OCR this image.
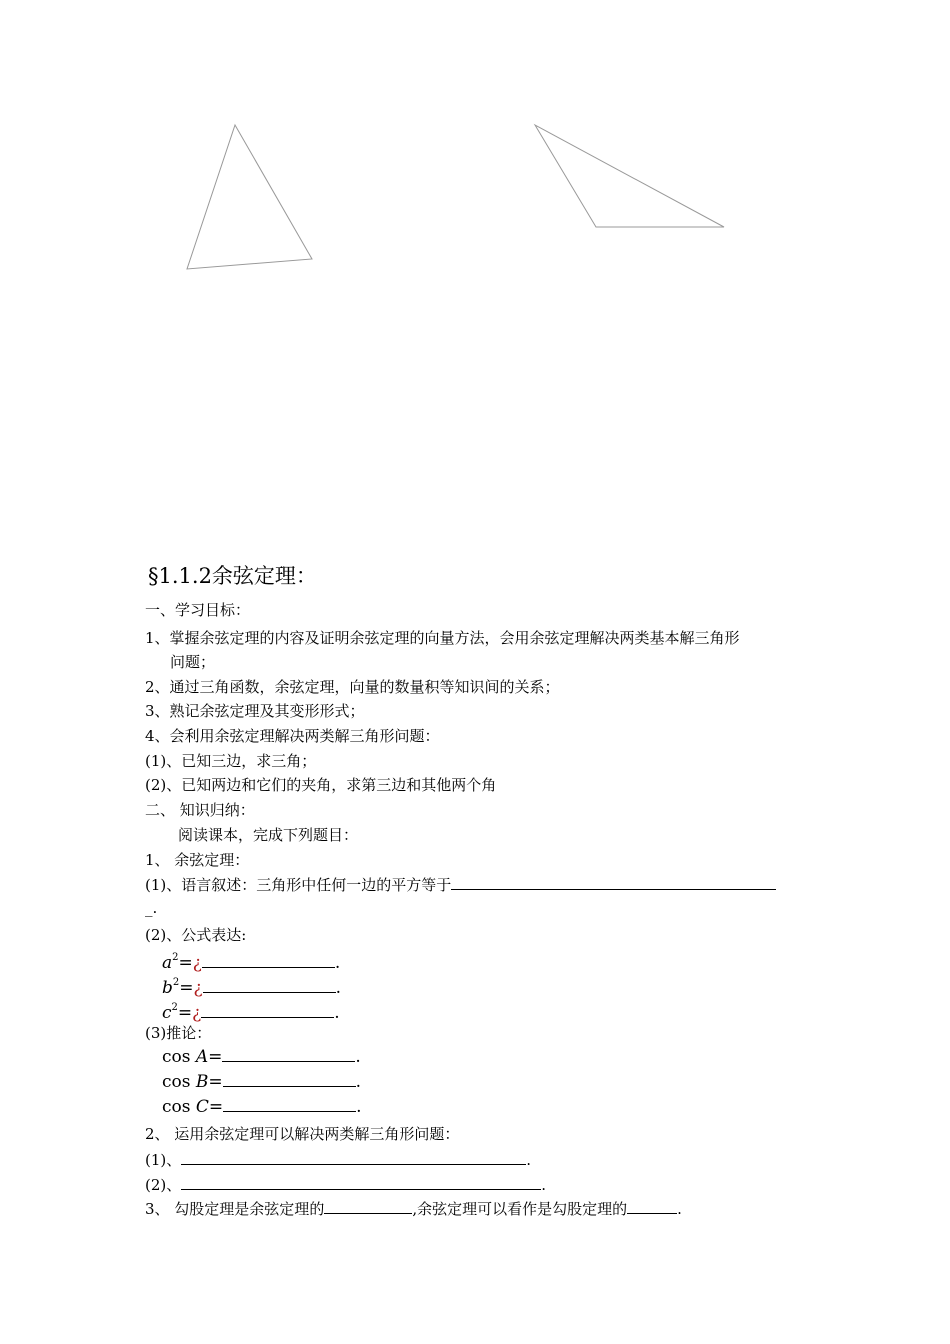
§1.1.2余弦定理：
一、学习目标：
1、掌握余弦定理的内容及证明余弦定理的向量方法，会用余弦定理解决两类基本解三角形
问题；
2、通过三角函数，余弦定理，向量的数量积等知识间的关系；
3、熟记余弦定理及其变形形式；
4、会利用余弦定理解决两类解三角形问题：
(1)、已知三边，求三角；
(2)、已知两边和它们的夹角，求第三边和其他两个角
二、 知识归纳：
阅读课本，完成下列题目：
1、 余弦定理：
(1)、语言叙述：三角形中任何一边的平方等于
_.
(2)、公式表达:
$a^2=¿$	.
$b^2=¿$	.
$c^2=¿$	.
(3)推论：
cos A=	.
cos B=	.
cos C=	.
2、 运用余弦定理可以解决两类解三角形问题：
(1)、	.
(2)、	.
3、 勾股定理是余弦定理的	,余弦定理可以看作是勾股定理的	.
